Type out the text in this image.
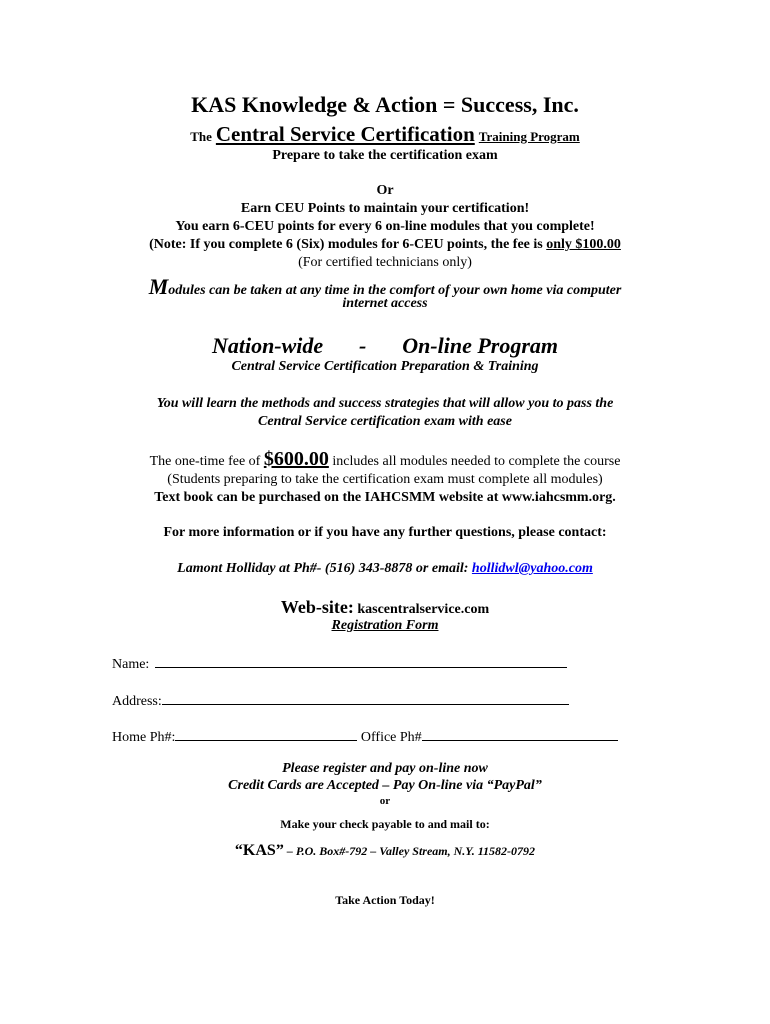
KAS Knowledge & Action = Success, Inc.
The Central Service Certification Training Program
Prepare to take the certification exam
Or
Earn CEU Points to maintain your certification!
You earn 6-CEU points for every 6 on-line modules that you complete!
(Note: If you complete 6 (Six) modules for 6-CEU points, the fee is only $100.00
(For certified technicians only)
Modules can be taken at any time in the comfort of your own home via computer
internet access
Nation-wide - On-line Program
Central Service Certification Preparation & Training
You will learn the methods and success strategies that will allow you to pass the
Central Service certification exam with ease
The one-time fee of $600.00 includes all modules needed to complete the course
(Students preparing to take the certification exam must complete all modules)
Text book can be purchased on the IAHCSMM website at www.iahcsmm.org.
For more information or if you have any further questions, please contact:
Lamont Holliday at Ph#- (516) 343-8878 or email: hollidwl@yahoo.com
Web-site: kascentralservice.com
Registration Form
Name:
Address:
Home Ph#:	Office Ph#
Please register and pay on-line now
Credit Cards are Accepted – Pay On-line via “PayPal”
or
Make your check payable to and mail to:
“KAS” – P.O. Box#-792 – Valley Stream, N.Y. 11582-0792
Take Action Today!
